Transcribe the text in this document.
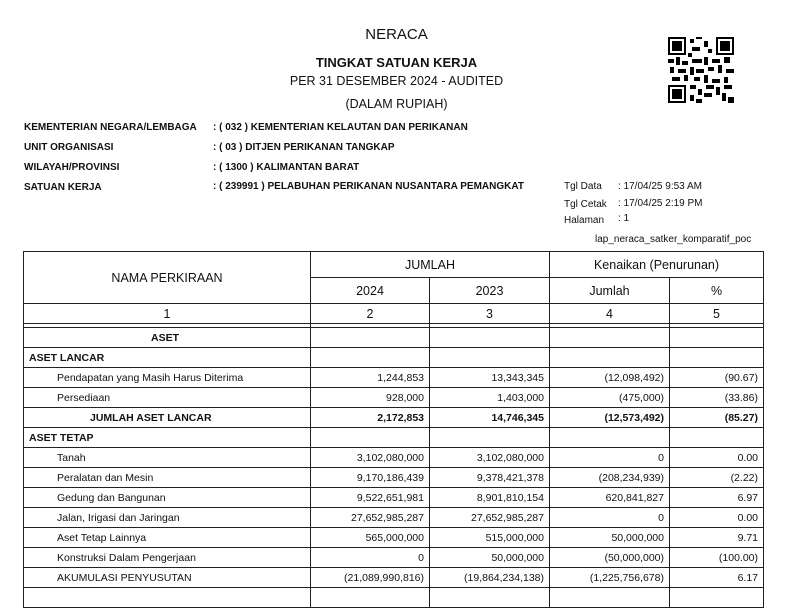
NERACA
TINGKAT SATUAN KERJA
PER 31 DESEMBER 2024 - AUDITED
(DALAM RUPIAH)
KEMENTERIAN NEGARA/LEMBAGA : ( 032 ) KEMENTERIAN KELAUTAN DAN PERIKANAN
UNIT ORGANISASI	: ( 03 ) DITJEN PERIKANAN TANGKAP
WILAYAH/PROVINSI	: ( 1300 ) KALIMANTAN BARAT
SATUAN KERJA	: ( 239991 ) PELABUHAN PERIKANAN NUSANTARA PEMANGKAT	Tgl Data : 17/04/25 9:53 AM
Tgl Cetak : 17/04/25 2:19 PM
Halaman : 1
lap_neraca_satker_komparatif_poc
NAMA PERKIRAAN	JUMLAH		Kenaikan (Penurunan)	
	2024	2023	Jumlah	%
1	2	3	4	5

ASET				
ASET LANCAR				
Pendapatan yang Masih Harus Diterima	1,244,853	13,343,345	(12,098,492)	(90.67)
Persediaan	928,000	1,403,000	(475,000)	(33.86)
JUMLAH ASET LANCAR	2,172,853	14,746,345	(12,573,492)	(85.27)
ASET TETAP				
Tanah	3,102,080,000	3,102,080,000	0	0.00
Peralatan dan Mesin	9,170,186,439	9,378,421,378	(208,234,939)	(2.22)
Gedung dan Bangunan	9,522,651,981	8,901,810,154	620,841,827	6.97
Jalan, Irigasi dan Jaringan	27,652,985,287	27,652,985,287	0	0.00
Aset Tetap Lainnya	565,000,000	515,000,000	50,000,000	9.71
Konstruksi Dalam Pengerjaan	0	50,000,000	(50,000,000)	(100.00)
AKUMULASI PENYUSUTAN	(21,089,990,816)	(19,864,234,138)	(1,225,756,678)	6.17
